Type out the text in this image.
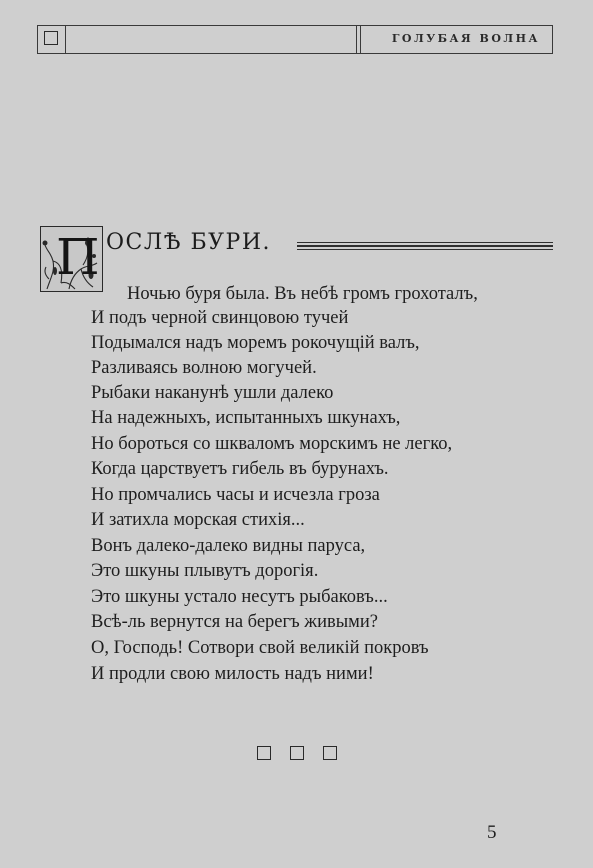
ГОЛУБАЯ ВОЛНА
П ОСЛѢ БУРИ.
Ночью буря была. Въ небѣ громъ грохоталъ,
И подъ черной свинцовою тучей
Подымался надъ моремъ рокочущій валъ,
Разливаясь волною могучей.
Рыбаки наканунѣ ушли далеко
На надежныхъ, испытанныхъ шкунахъ,
Но бороться со шкваломъ морскимъ не легко,
Когда царствуетъ гибель въ бурунахъ.
Но промчались часы и исчезла гроза
И затихла морская стихія...
Вонъ далеко-далеко видны паруса,
Это шкуны плывутъ дорогія.
Это шкуны устало несутъ рыбаковъ...
Всѣ-ль вернутся на берегъ живыми?
О, Господь! Сотвори свой великій покровъ
И продли свою милость надъ ними!
5
